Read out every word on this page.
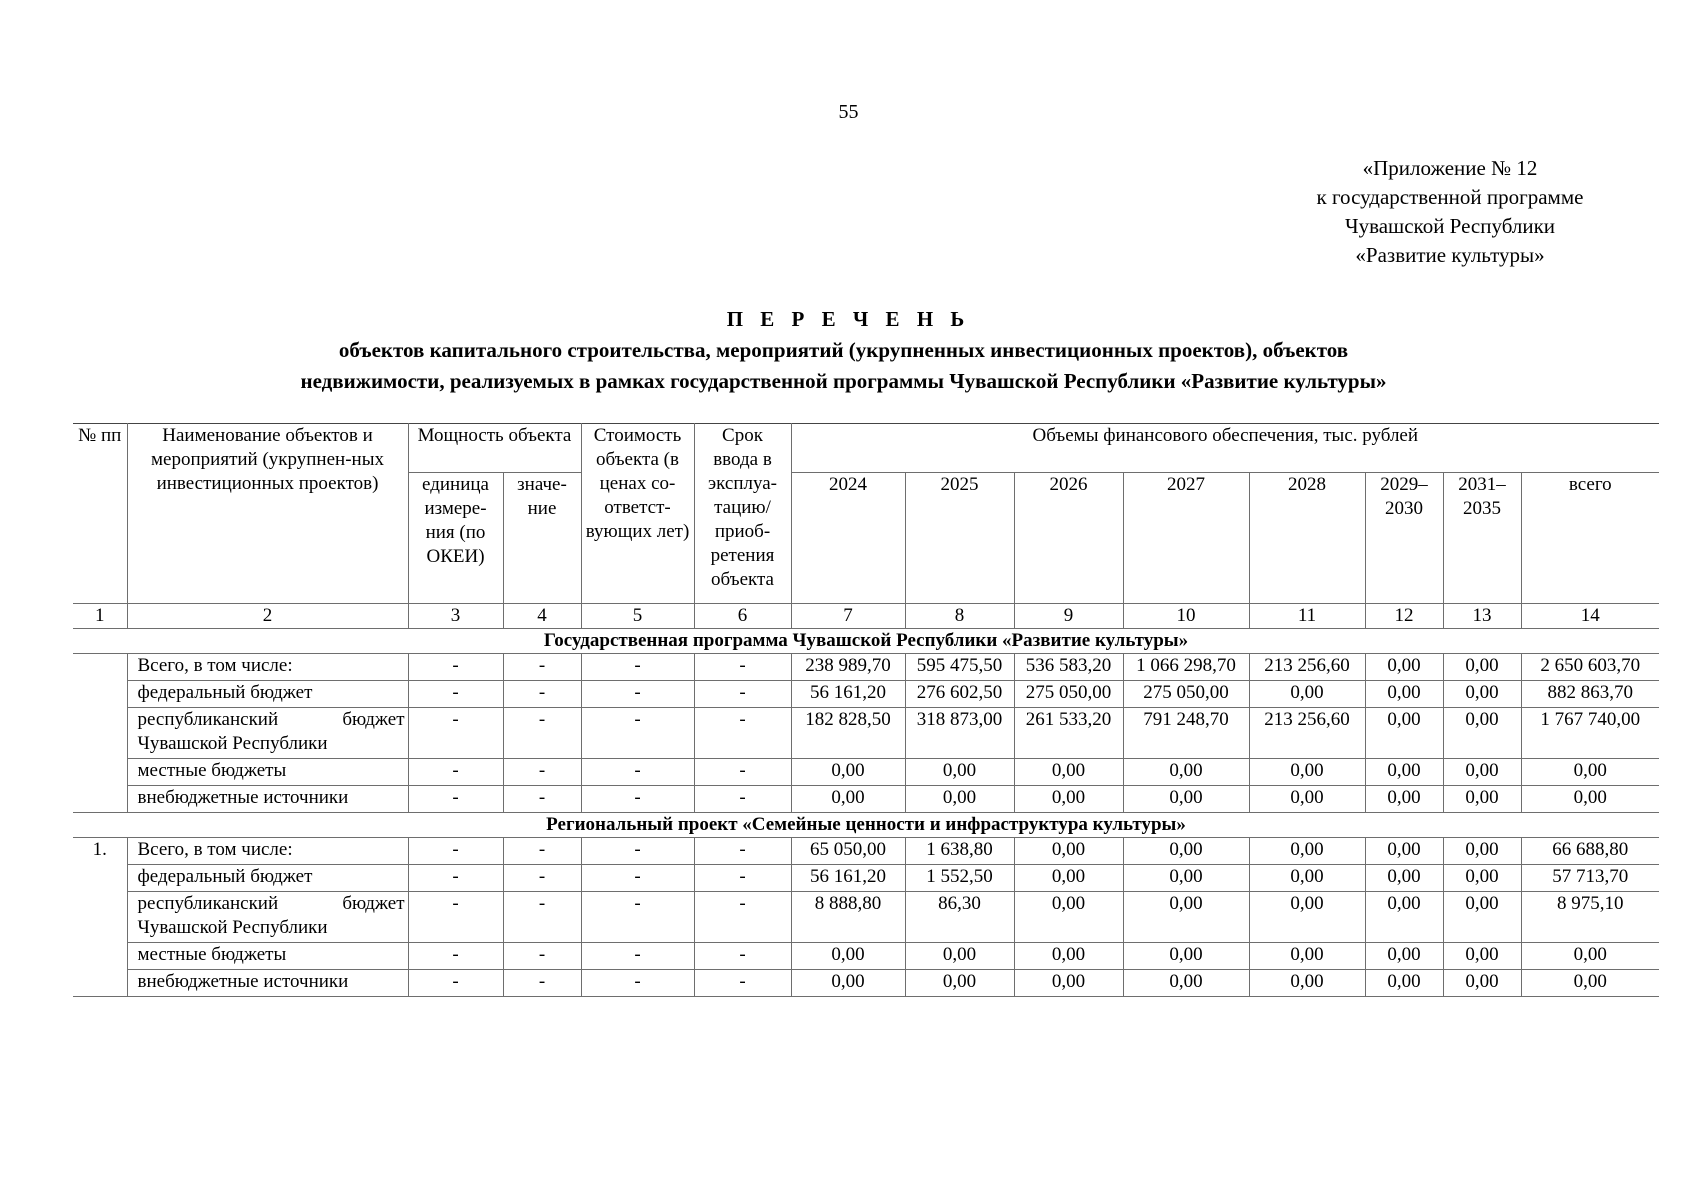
55
«Приложение № 12
к государственной программе
Чувашской Республики
«Развитие культуры»
П Е Р Е Ч Е Н Ь
объектов капитального строительства, мероприятий (укрупненных инвестиционных проектов), объектов
недвижимости, реализуемых в рамках государственной программы Чувашской Республики «Развитие культуры»
№ пп	Наименование объектов и мероприятий (укрупнен-ных инвестиционных проектов)	Мощность объекта		Стоимость объекта (в ценах со-ответст-вующих лет)	Срок ввода в эксплуа-тацию/ приоб-ретения объекта	Объемы финансового обеспечения, тыс. рублей							
		единица измере-ния (по ОКЕИ)	значе-ние			2024	2025	2026	2027	2028	2029–2030	2031–2035	всего
1	2	3	4	5	6	7	8	9	10	11	12	13	14
Государственная программа Чувашской Республики «Развитие культуры»													
	Всего, в том числе:	-	-	-	-	238 989,70	595 475,50	536 583,20	1 066 298,70	213 256,60	0,00	0,00	2 650 603,70
	федеральный бюджет	-	-	-	-	56 161,20	276 602,50	275 050,00	275 050,00	0,00	0,00	0,00	882 863,70
	республиканский бюджет Чувашской Республики	-	-	-	-	182 828,50	318 873,00	261 533,20	791 248,70	213 256,60	0,00	0,00	1 767 740,00
	местные бюджеты	-	-	-	-	0,00	0,00	0,00	0,00	0,00	0,00	0,00	0,00
	внебюджетные источники	-	-	-	-	0,00	0,00	0,00	0,00	0,00	0,00	0,00	0,00
Региональный проект «Семейные ценности и инфраструктура культуры»													
1.	Всего, в том числе:	-	-	-	-	65 050,00	1 638,80	0,00	0,00	0,00	0,00	0,00	66 688,80
	федеральный бюджет	-	-	-	-	56 161,20	1 552,50	0,00	0,00	0,00	0,00	0,00	57 713,70
	республиканский бюджет Чувашской Республики	-	-	-	-	8 888,80	86,30	0,00	0,00	0,00	0,00	0,00	8 975,10
	местные бюджеты	-	-	-	-	0,00	0,00	0,00	0,00	0,00	0,00	0,00	0,00
	внебюджетные источники	-	-	-	-	0,00	0,00	0,00	0,00	0,00	0,00	0,00	0,00
